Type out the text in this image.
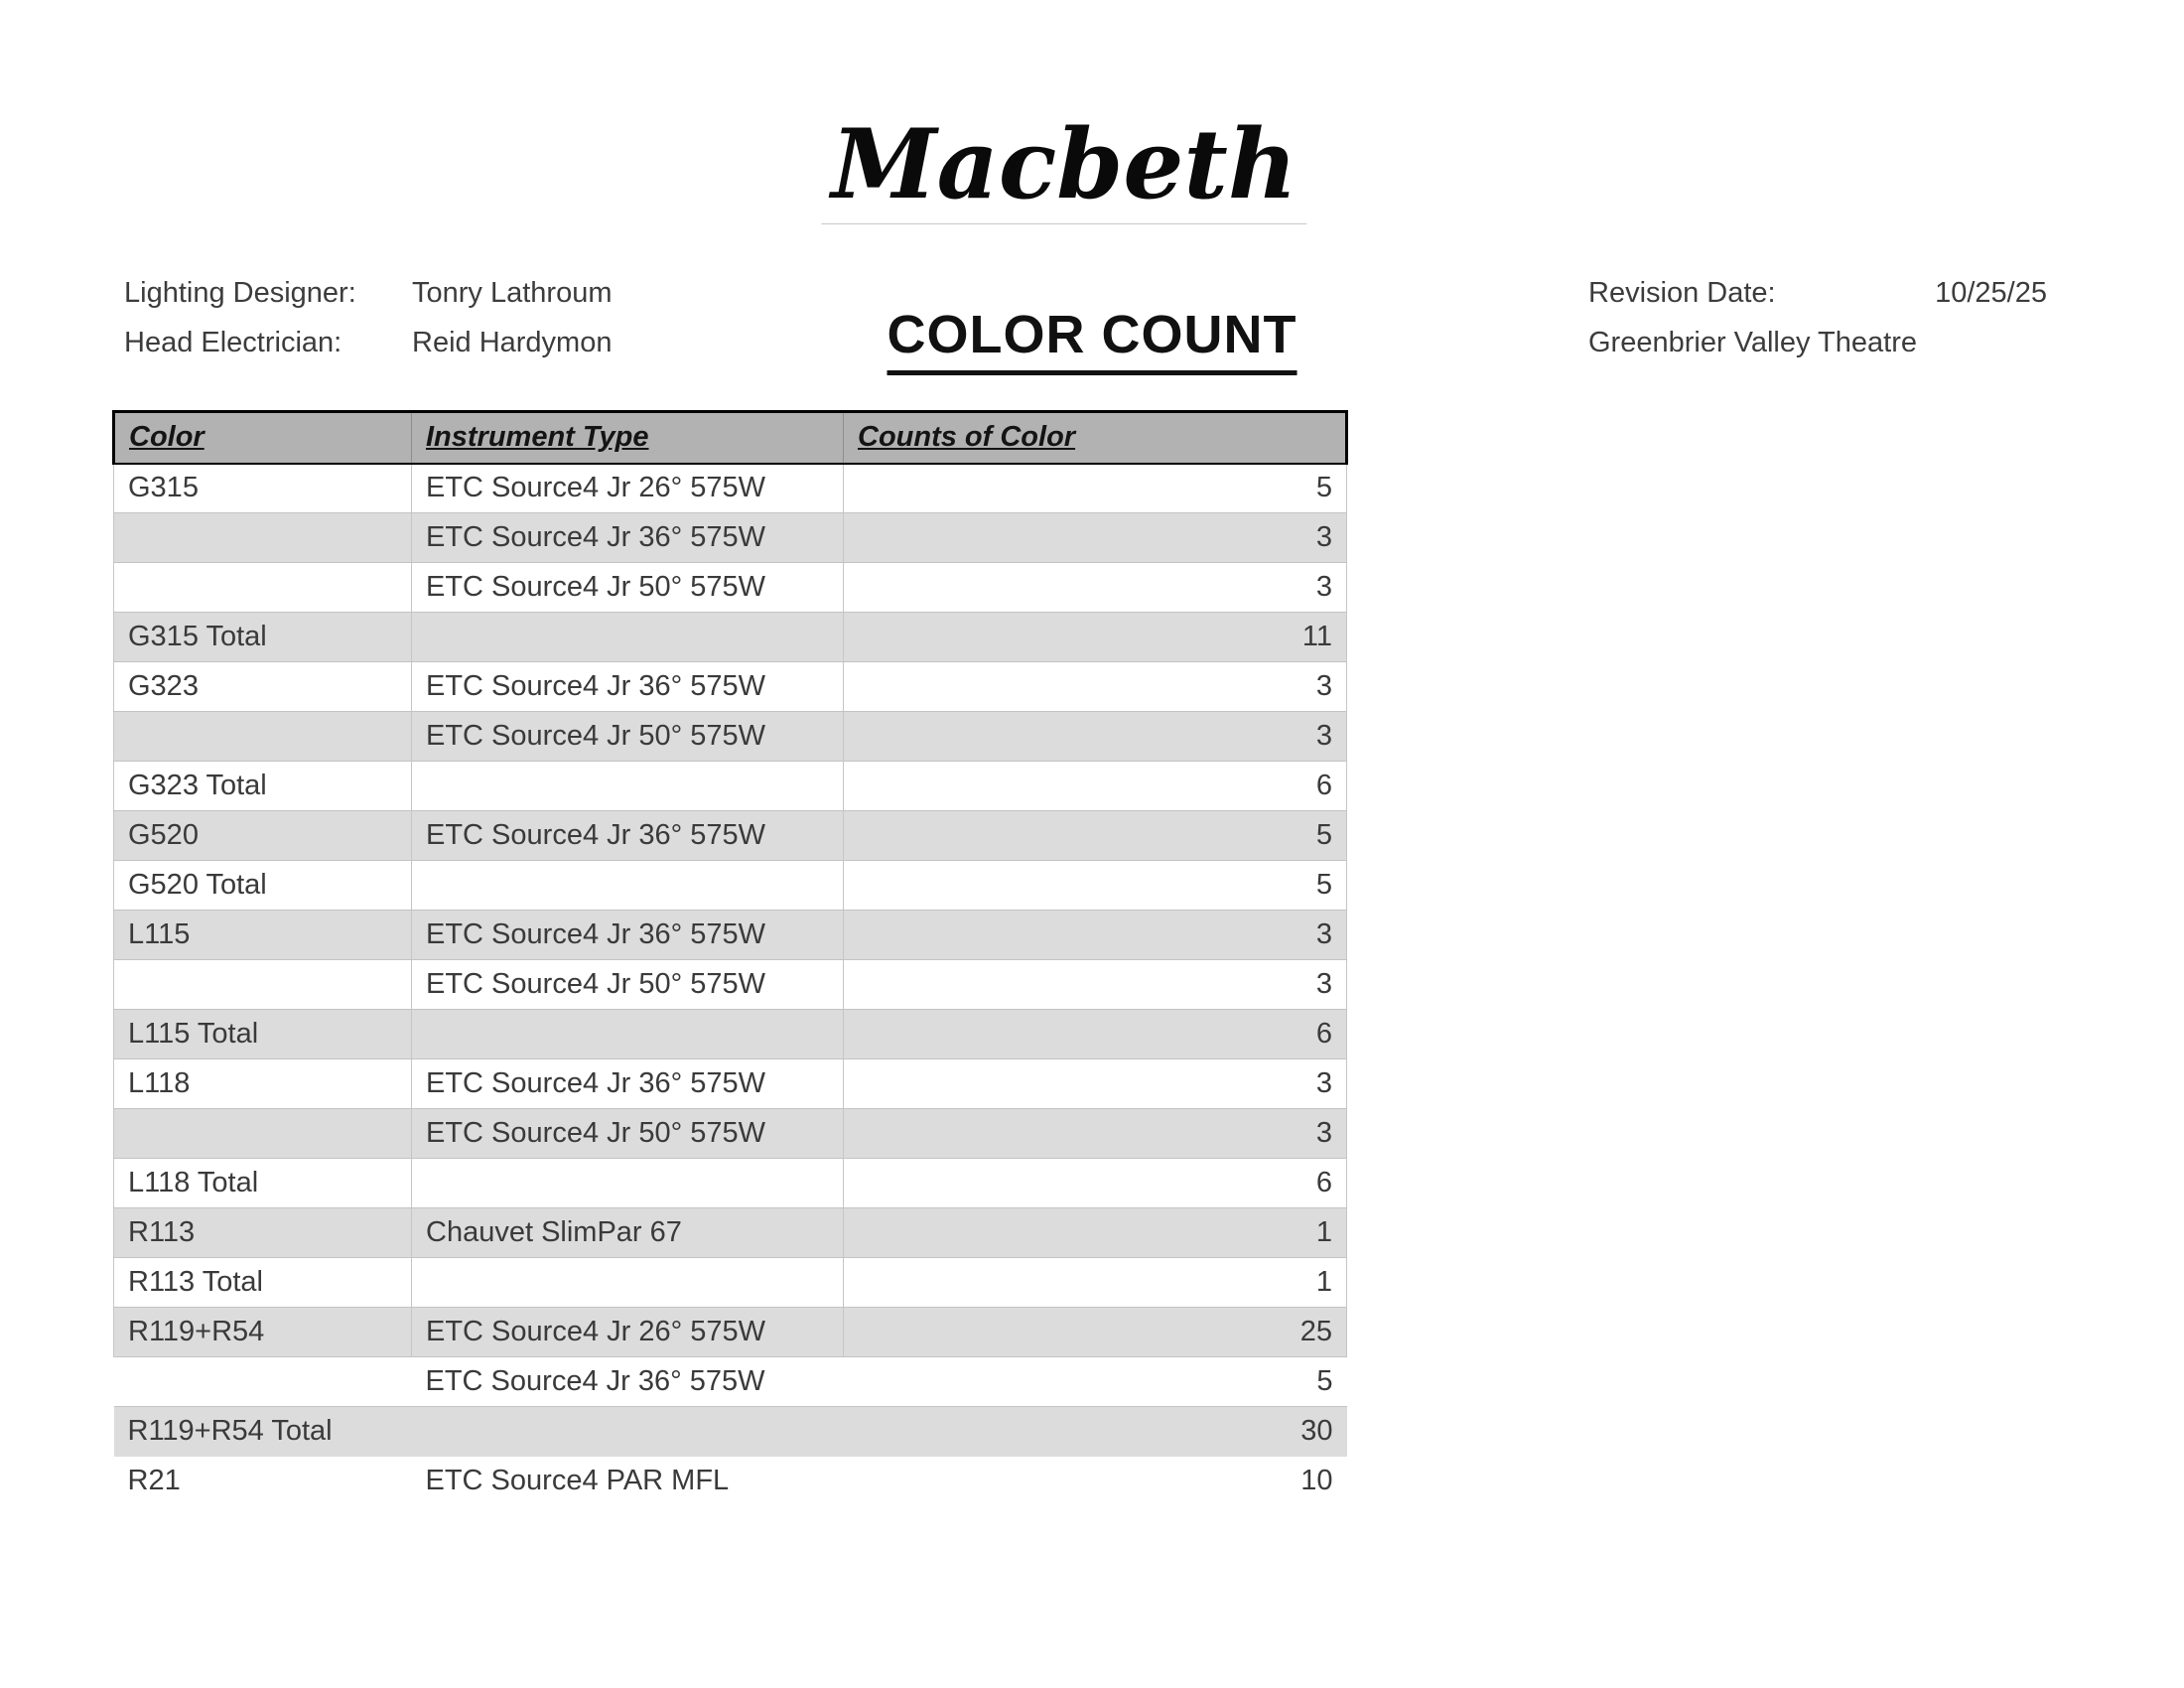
Macbeth
COLOR COUNT
Lighting Designer:	Tonry Lathroum
Head Electrician:	Reid Hardymon
Revision Date:	10/25/25
Greenbrier Valley Theatre
Color	Instrument Type	Counts of Color
G315	ETC Source4 Jr 26° 575W	5
	ETC Source4 Jr 36° 575W	3
	ETC Source4 Jr 50° 575W	3
G315 Total		11
G323	ETC Source4 Jr 36° 575W	3
	ETC Source4 Jr 50° 575W	3
G323 Total		6
G520	ETC Source4 Jr 36° 575W	5
G520 Total		5
L115	ETC Source4 Jr 36° 575W	3
	ETC Source4 Jr 50° 575W	3
L115 Total		6
L118	ETC Source4 Jr 36° 575W	3
	ETC Source4 Jr 50° 575W	3
L118 Total		6
R113	Chauvet SlimPar 67	1
R113 Total		1
R119+R54	ETC Source4 Jr 26° 575W	25
	ETC Source4 Jr 36° 575W	5
R119+R54 Total		30
R21	ETC Source4 PAR MFL	10
